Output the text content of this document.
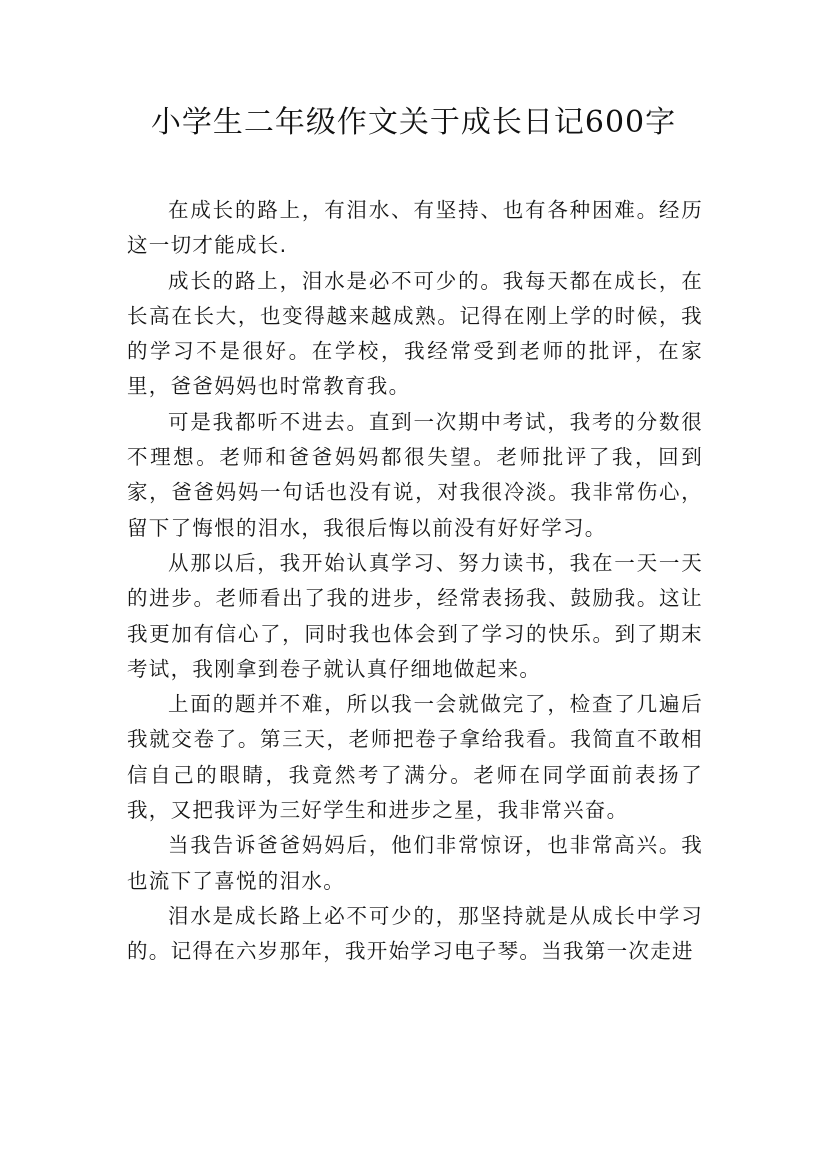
小学生二年级作文关于成长日记600字

在成长的路上，有泪水、有坚持、也有各种困难。经历这一切才能成长.

成长的路上，泪水是必不可少的。我每天都在成长，在长高在长大，也变得越来越成熟。记得在刚上学的时候，我的学习不是很好。在学校，我经常受到老师的批评，在家里，爸爸妈妈也时常教育我。

可是我都听不进去。直到一次期中考试，我考的分数很不理想。老师和爸爸妈妈都很失望。老师批评了我，回到家，爸爸妈妈一句话也没有说，对我很冷淡。我非常伤心，留下了悔恨的泪水，我很后悔以前没有好好学习。

从那以后，我开始认真学习、努力读书，我在一天一天的进步。老师看出了我的进步，经常表扬我、鼓励我。这让我更加有信心了，同时我也体会到了学习的快乐。到了期末考试，我刚拿到卷子就认真仔细地做起来。

上面的题并不难，所以我一会就做完了，检查了几遍后我就交卷了。第三天，老师把卷子拿给我看。我简直不敢相信自己的眼睛，我竟然考了满分。老师在同学面前表扬了我，又把我评为三好学生和进步之星，我非常兴奋。

当我告诉爸爸妈妈后，他们非常惊讶，也非常高兴。我也流下了喜悦的泪水。

泪水是成长路上必不可少的，那坚持就是从成长中学习的。记得在六岁那年，我开始学习电子琴。当我第一次走进
